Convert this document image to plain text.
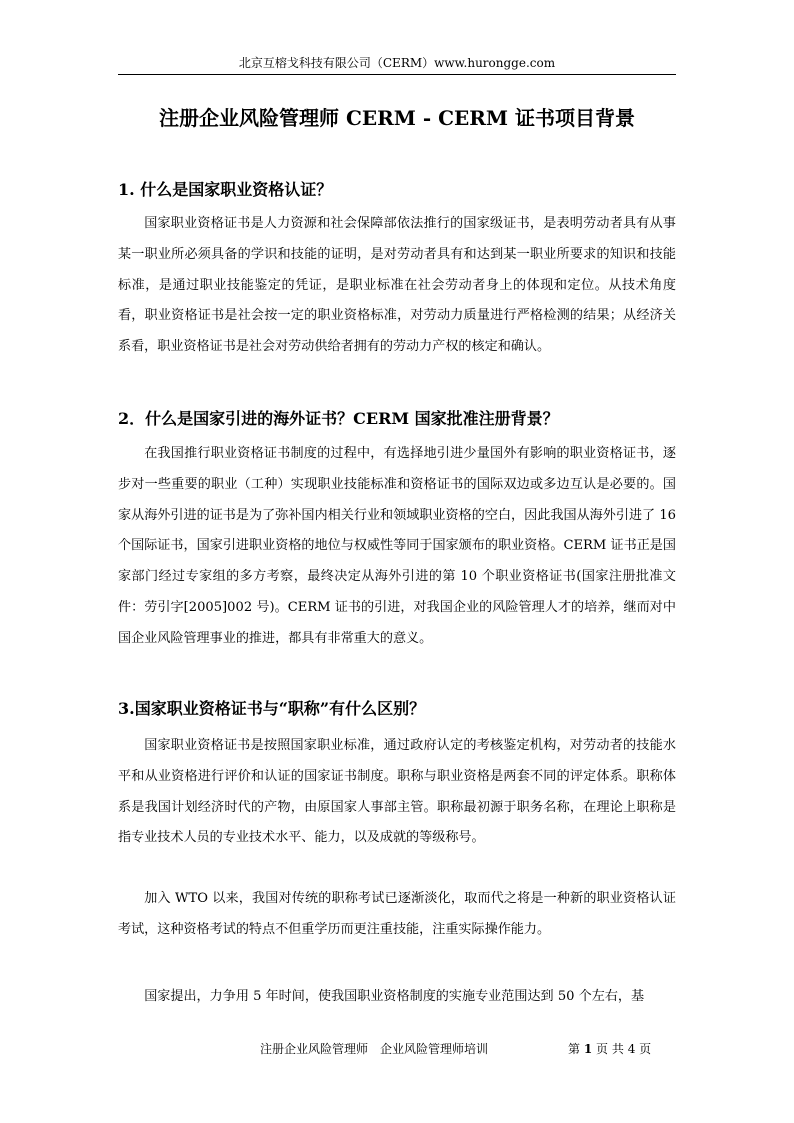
北京互榕戈科技有限公司（CERM）www.hurongge.com
注册企业风险管理师 CERM - CERM 证书项目背景
1. 什么是国家职业资格认证？

国家职业资格证书是人力资源和社会保障部依法推行的国家级证书，是表明劳动者具有从事某一职业所必须具备的学识和技能的证明，是对劳动者具有和达到某一职业所要求的知识和技能标准，是通过职业技能鉴定的凭证，是职业标准在社会劳动者身上的体现和定位。从技术角度看，职业资格证书是社会按一定的职业资格标准，对劳动力质量进行严格检测的结果；从经济关系看，职业资格证书是社会对劳动供给者拥有的劳动力产权的核定和确认。

2．什么是国家引进的海外证书？CERM 国家批准注册背景？

在我国推行职业资格证书制度的过程中，有选择地引进少量国外有影响的职业资格证书，逐步对一些重要的职业（工种）实现职业技能标准和资格证书的国际双边或多边互认是必要的。国家从海外引进的证书是为了弥补国内相关行业和领域职业资格的空白，因此我国从海外引进了 16 个国际证书，国家引进职业资格的地位与权威性等同于国家颁布的职业资格。CERM 证书正是国家部门经过专家组的多方考察，最终决定从海外引进的第 10 个职业资格证书(国家注册批准文件：劳引字[2005]002 号)。CERM 证书的引进，对我国企业的风险管理人才的培养，继而对中国企业风险管理事业的推进，都具有非常重大的意义。

3.国家职业资格证书与“职称”有什么区别？

国家职业资格证书是按照国家职业标准，通过政府认定的考核鉴定机构，对劳动者的技能水平和从业资格进行评价和认证的国家证书制度。职称与职业资格是两套不同的评定体系。职称体系是我国计划经济时代的产物，由原国家人事部主管。职称最初源于职务名称，在理论上职称是指专业技术人员的专业技术水平、能力，以及成就的等级称号。

加入 WTO 以来，我国对传统的职称考试已逐渐淡化，取而代之将是一种新的职业资格认证考试，这种资格考试的特点不但重学历而更注重技能，注重实际操作能力。

国家提出，力争用 5 年时间，使我国职业资格制度的实施专业范围达到 50 个左右，基

注册企业风险管理师　企业风险管理师培训	第 1 页 共 4 页
